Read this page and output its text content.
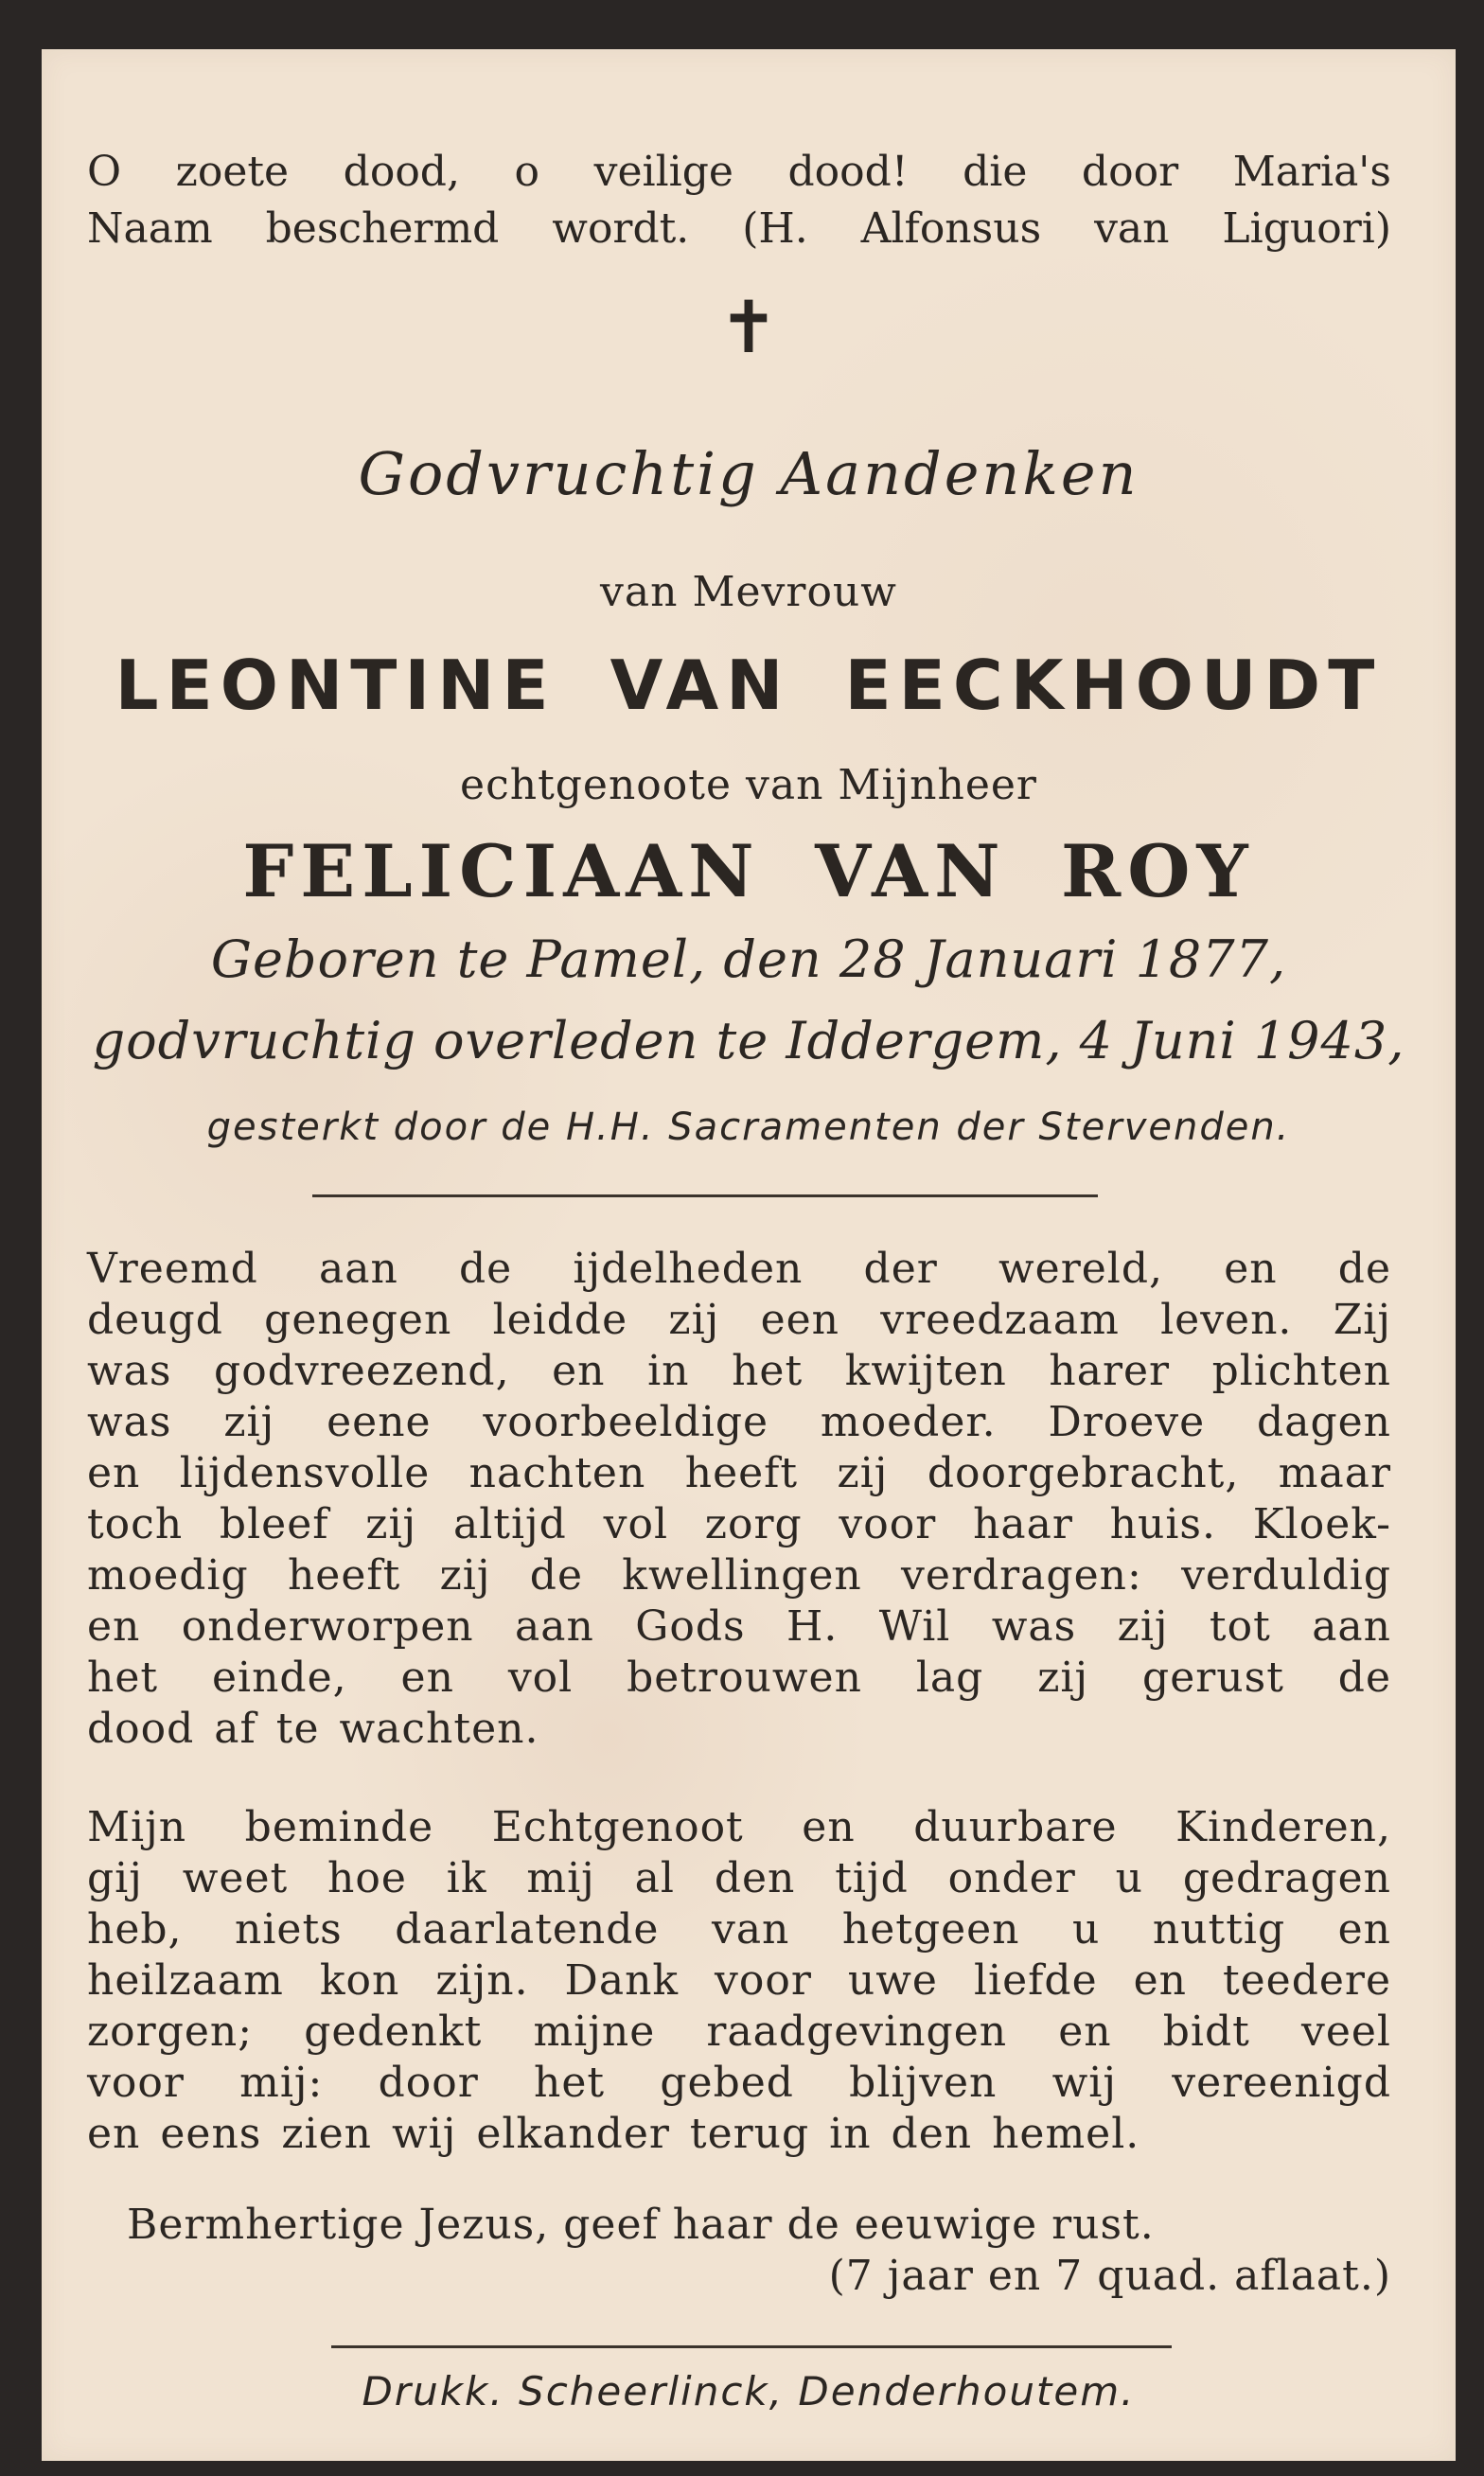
O zoete dood, o veilige dood! die door Maria's
Naam beschermd wordt. (H. Alfonsus van Liguori)
✝
Godvruchtig Aandenken
van Mevrouw
LEONTINE VAN EECKHOUDT
echtgenoote van Mijnheer
FELICIAAN VAN ROY
Geboren te Pamel, den 28 Januari 1877,
godvruchtig overleden te Iddergem, 4 Juni 1943,
gesterkt door de H.H. Sacramenten der Stervenden.
Vreemd aan de ijdelheden der wereld, en de
deugd genegen leidde zij een vreedzaam leven. Zij
was godvreezend, en in het kwijten harer plichten
was zij eene voorbeeldige moeder. Droeve dagen
en lijdensvolle nachten heeft zij doorgebracht, maar
toch bleef zij altijd vol zorg voor haar huis. Kloek-
moedig heeft zij de kwellingen verdragen: verduldig
en onderworpen aan Gods H. Wil was zij tot aan
het einde, en vol betrouwen lag zij gerust de
dood af te wachten.
Mijn beminde Echtgenoot en duurbare Kinderen,
gij weet hoe ik mij al den tijd onder u gedragen
heb, niets daarlatende van hetgeen u nuttig en
heilzaam kon zijn. Dank voor uwe liefde en teedere
zorgen; gedenkt mijne raadgevingen en bidt veel
voor mij: door het gebed blijven wij vereenigd
en eens zien wij elkander terug in den hemel.
Bermhertige Jezus, geef haar de eeuwige rust.
(7 jaar en 7 quad. aflaat.)
Drukk. Scheerlinck, Denderhoutem.
